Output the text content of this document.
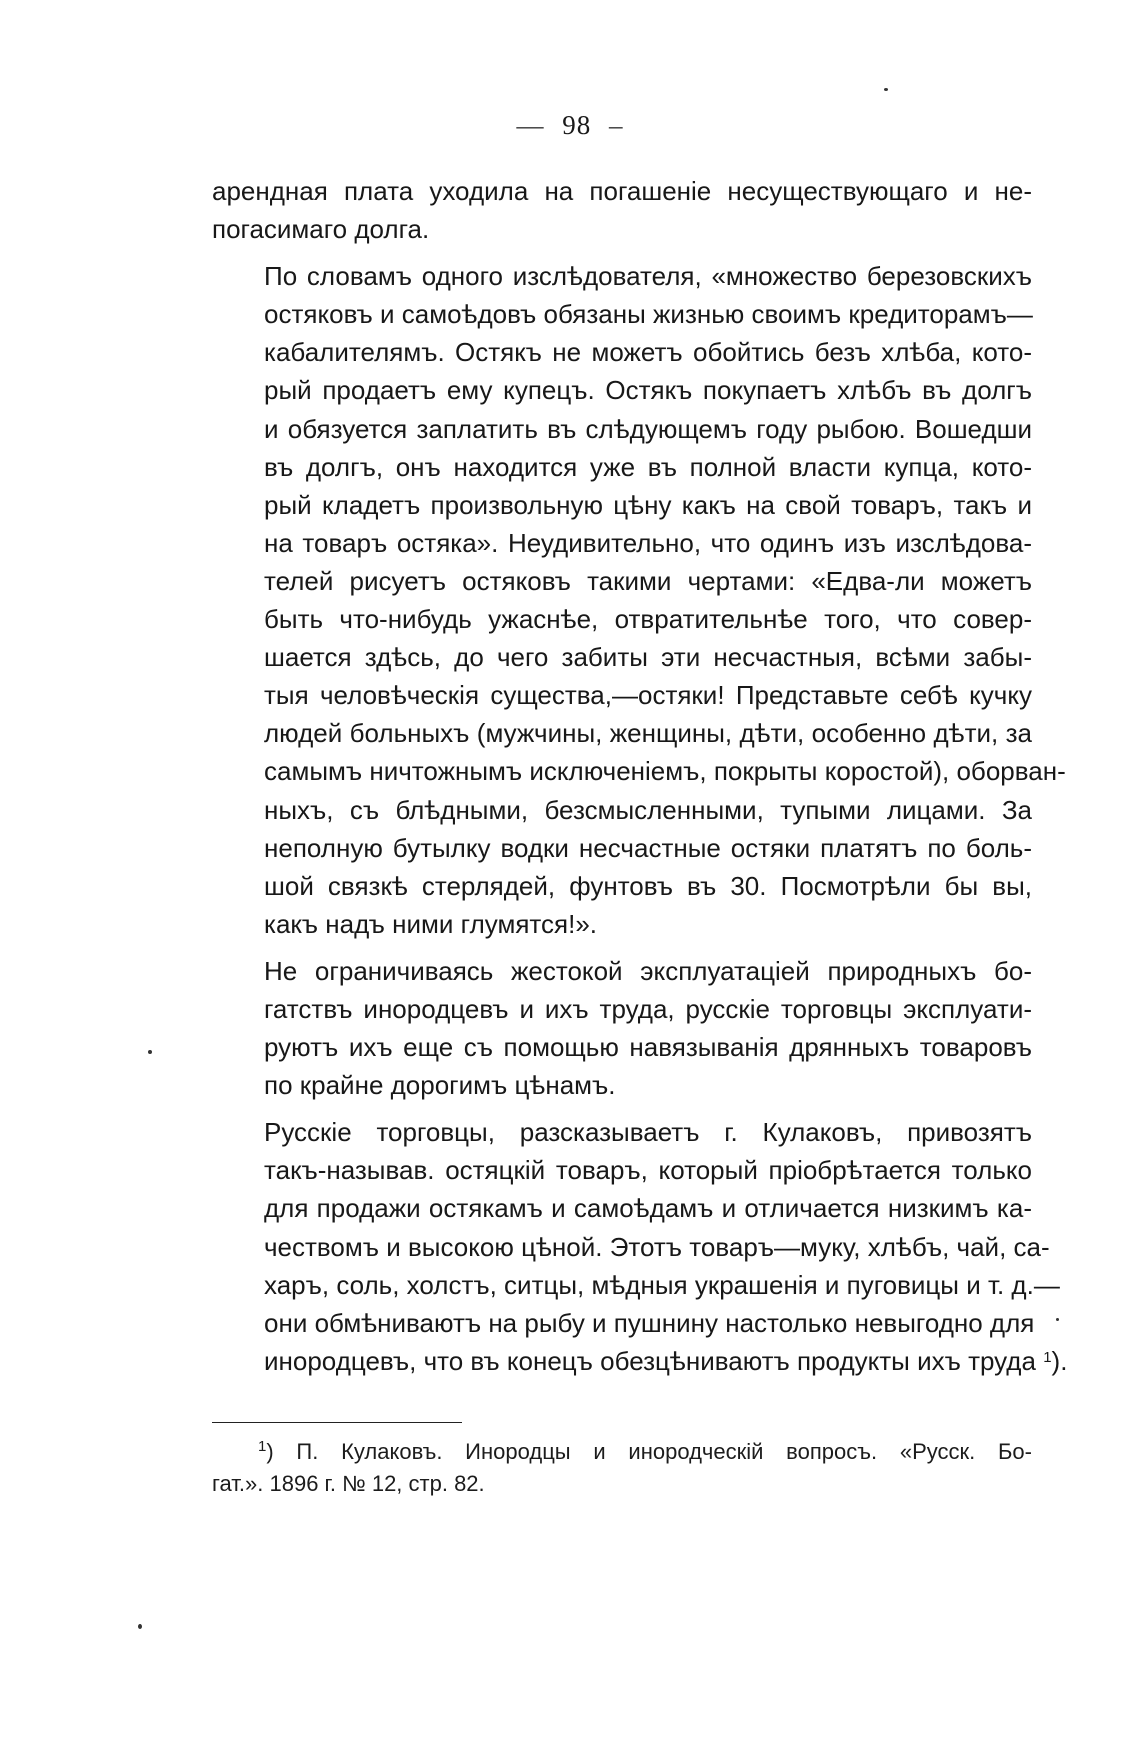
— 98 –

арендная плата уходила на погашеніе несуществующаго и не-
погасимаго долга.

По словамъ одного изслѣдователя, «множество березовскихъ
остяковъ и самоѣдовъ обязаны жизнью своимъ кредиторамъ—
кабалителямъ. Остякъ не можетъ обойтись безъ хлѣба, кото-
рый продаетъ ему купецъ. Остякъ покупаетъ хлѣбъ въ долгъ
и обязуется заплатить въ слѣдующемъ году рыбою. Вошедши
въ долгъ, онъ находится уже въ полной власти купца, кото-
рый кладетъ произвольную цѣну какъ на свой товаръ, такъ и
на товаръ остяка». Неудивительно, что одинъ изъ изслѣдова-
телей рисуетъ остяковъ такими чертами: «Едва-ли можетъ
быть что-нибудь ужаснѣе, отвратительнѣе того, что совер-
шается здѣсь, до чего забиты эти несчастныя, всѣми забы-
тыя человѣческія существа,—остяки! Представьте себѣ кучку
людей больныхъ (мужчины, женщины, дѣти, особенно дѣти, за
самымъ ничтожнымъ исключеніемъ, покрыты коростой), оборван-
ныхъ, съ блѣдными, безсмысленными, тупыми лицами. За
неполную бутылку водки несчастные остяки платятъ по боль-
шой связкѣ стерлядей, фунтовъ въ 30. Посмотрѣли бы вы,
какъ надъ ними глумятся!».

Не ограничиваясь жестокой эксплуатаціей природныхъ бо-
гатствъ инородцевъ и ихъ труда, русскіе торговцы эксплуати-
руютъ ихъ еще съ помощью навязыванія дрянныхъ товаровъ
по крайне дорогимъ цѣнамъ.

Русскіе торговцы, разсказываетъ г. Кулаковъ, привозятъ
такъ-называв. остяцкій товаръ, который пріобрѣтается только
для продажи остякамъ и самоѣдамъ и отличается низкимъ ка-
чествомъ и высокою цѣной. Этотъ товаръ—муку, хлѣбъ, чай, са-
харъ, соль, холстъ, ситцы, мѣдныя украшенія и пуговицы и т. д.—
они обмѣниваютъ на рыбу и пушнину настолько невыгодно для
инородцевъ, что въ конецъ обезцѣниваютъ продукты ихъ труда $^1$).

$^1$) П. Кулаковъ. Инородцы и инородческій вопросъ. «Русск. Бо-
гат.». 1896 г. № 12, стр. 82.
